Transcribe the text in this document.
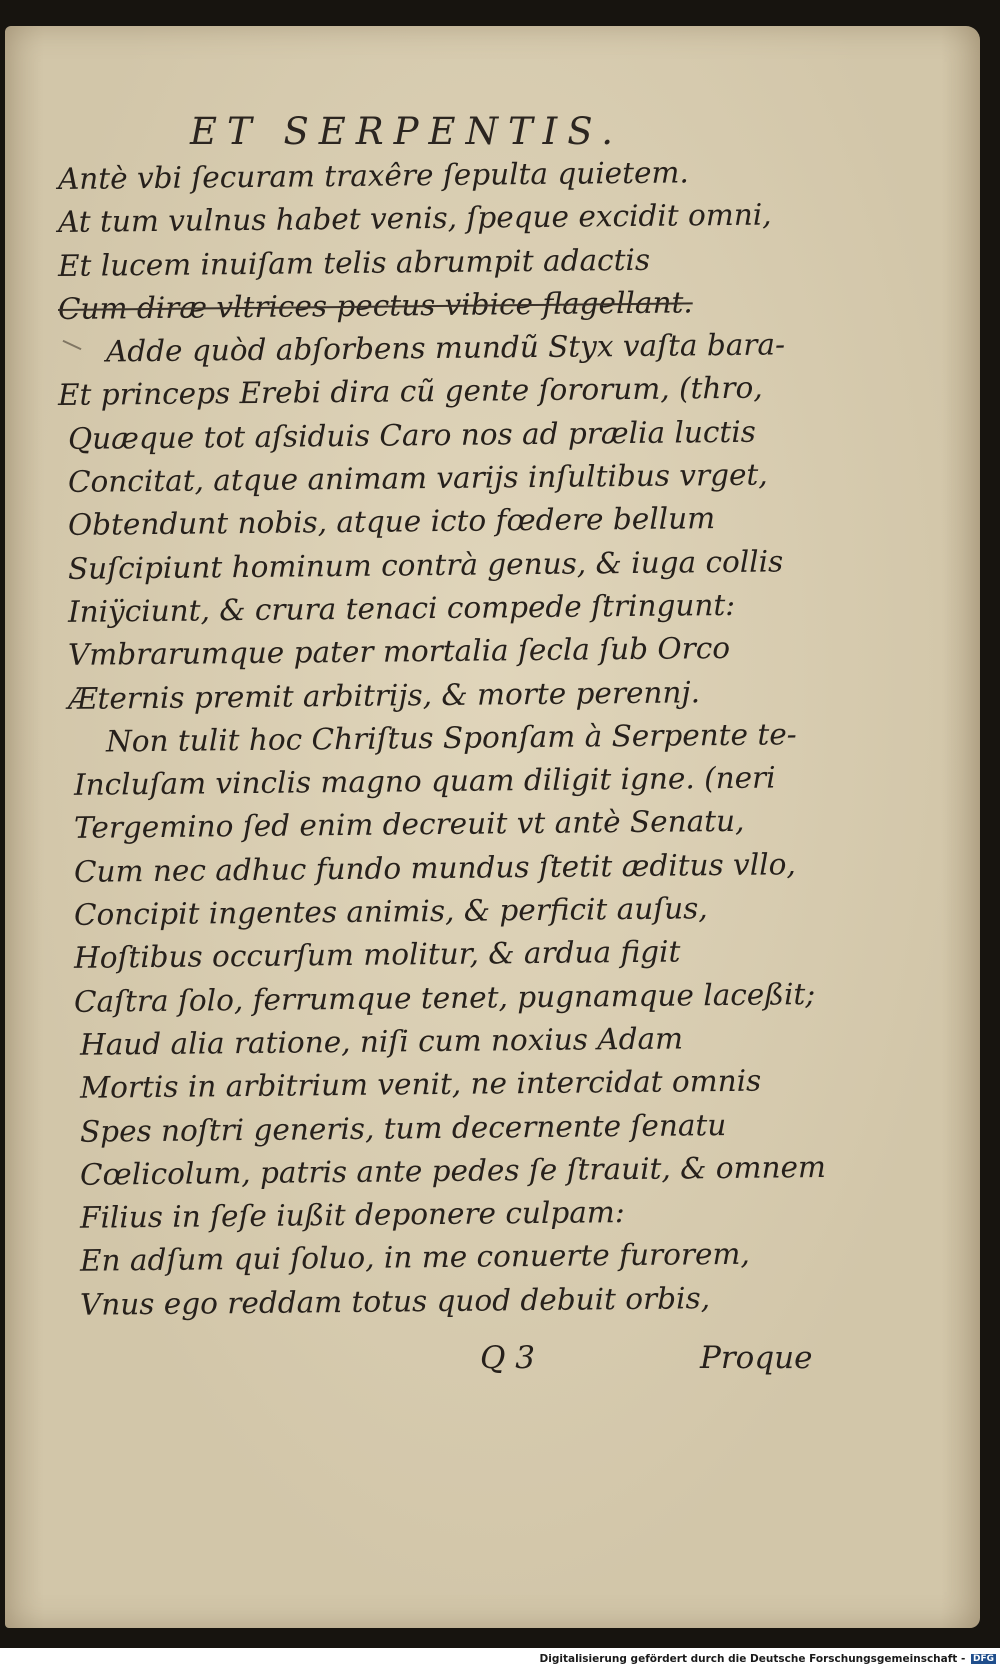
ET SERPENTIS.
Antè vbi ſecuram traxêre ſepulta quietem.
At tum vulnus habet venis, ſpeque excidit omni,
Et lucem inuiſam telis abrumpit adactis
Cum diræ vltrices pectus vibice flagellant.
Adde quòd abſorbens mundũ Styx vaſta bara-
Et princeps Erebi dira cũ gente ſororum, (thro,
Quæque tot aſsiduis Caro nos ad prælia luctis
Concitat, atque animam varijs inſultibus vrget,
Obtendunt nobis, atque icto fœdere bellum
Suſcipiunt hominum contrà genus, & iuga collis
Iniÿciunt, & crura tenaci compede ſtringunt:
Vmbrarumque pater mortalia ſecla ſub Orco
Æternis premit arbitrijs, & morte perennj.
Non tulit hoc Chriſtus Sponſam à Serpente te-
Incluſam vinclis magno quam diligit igne. (neri
Tergemino ſed enim decreuit vt antè Senatu,
Cum nec adhuc fundo mundus ſtetit æditus vllo,
Concipit ingentes animis, & perficit auſus,
Hoſtibus occurſum molitur, & ardua figit
Caſtra ſolo, ferrumque tenet, pugnamque laceßit;
Haud alia ratione, niſi cum noxius Adam
Mortis in arbitrium venit, ne intercidat omnis
Spes noſtri generis, tum decernente ſenatu
Cœlicolum, patris ante pedes ſe ſtrauit, & omnem
Filius in ſeſe iußit deponere culpam:
En adſum qui ſoluo, in me conuerte furorem,
Vnus ego reddam totus quod debuit orbis,
Q 3	Proque
Digitalisierung gefördert durch die Deutsche Forschungsgemeinschaft - DFG
